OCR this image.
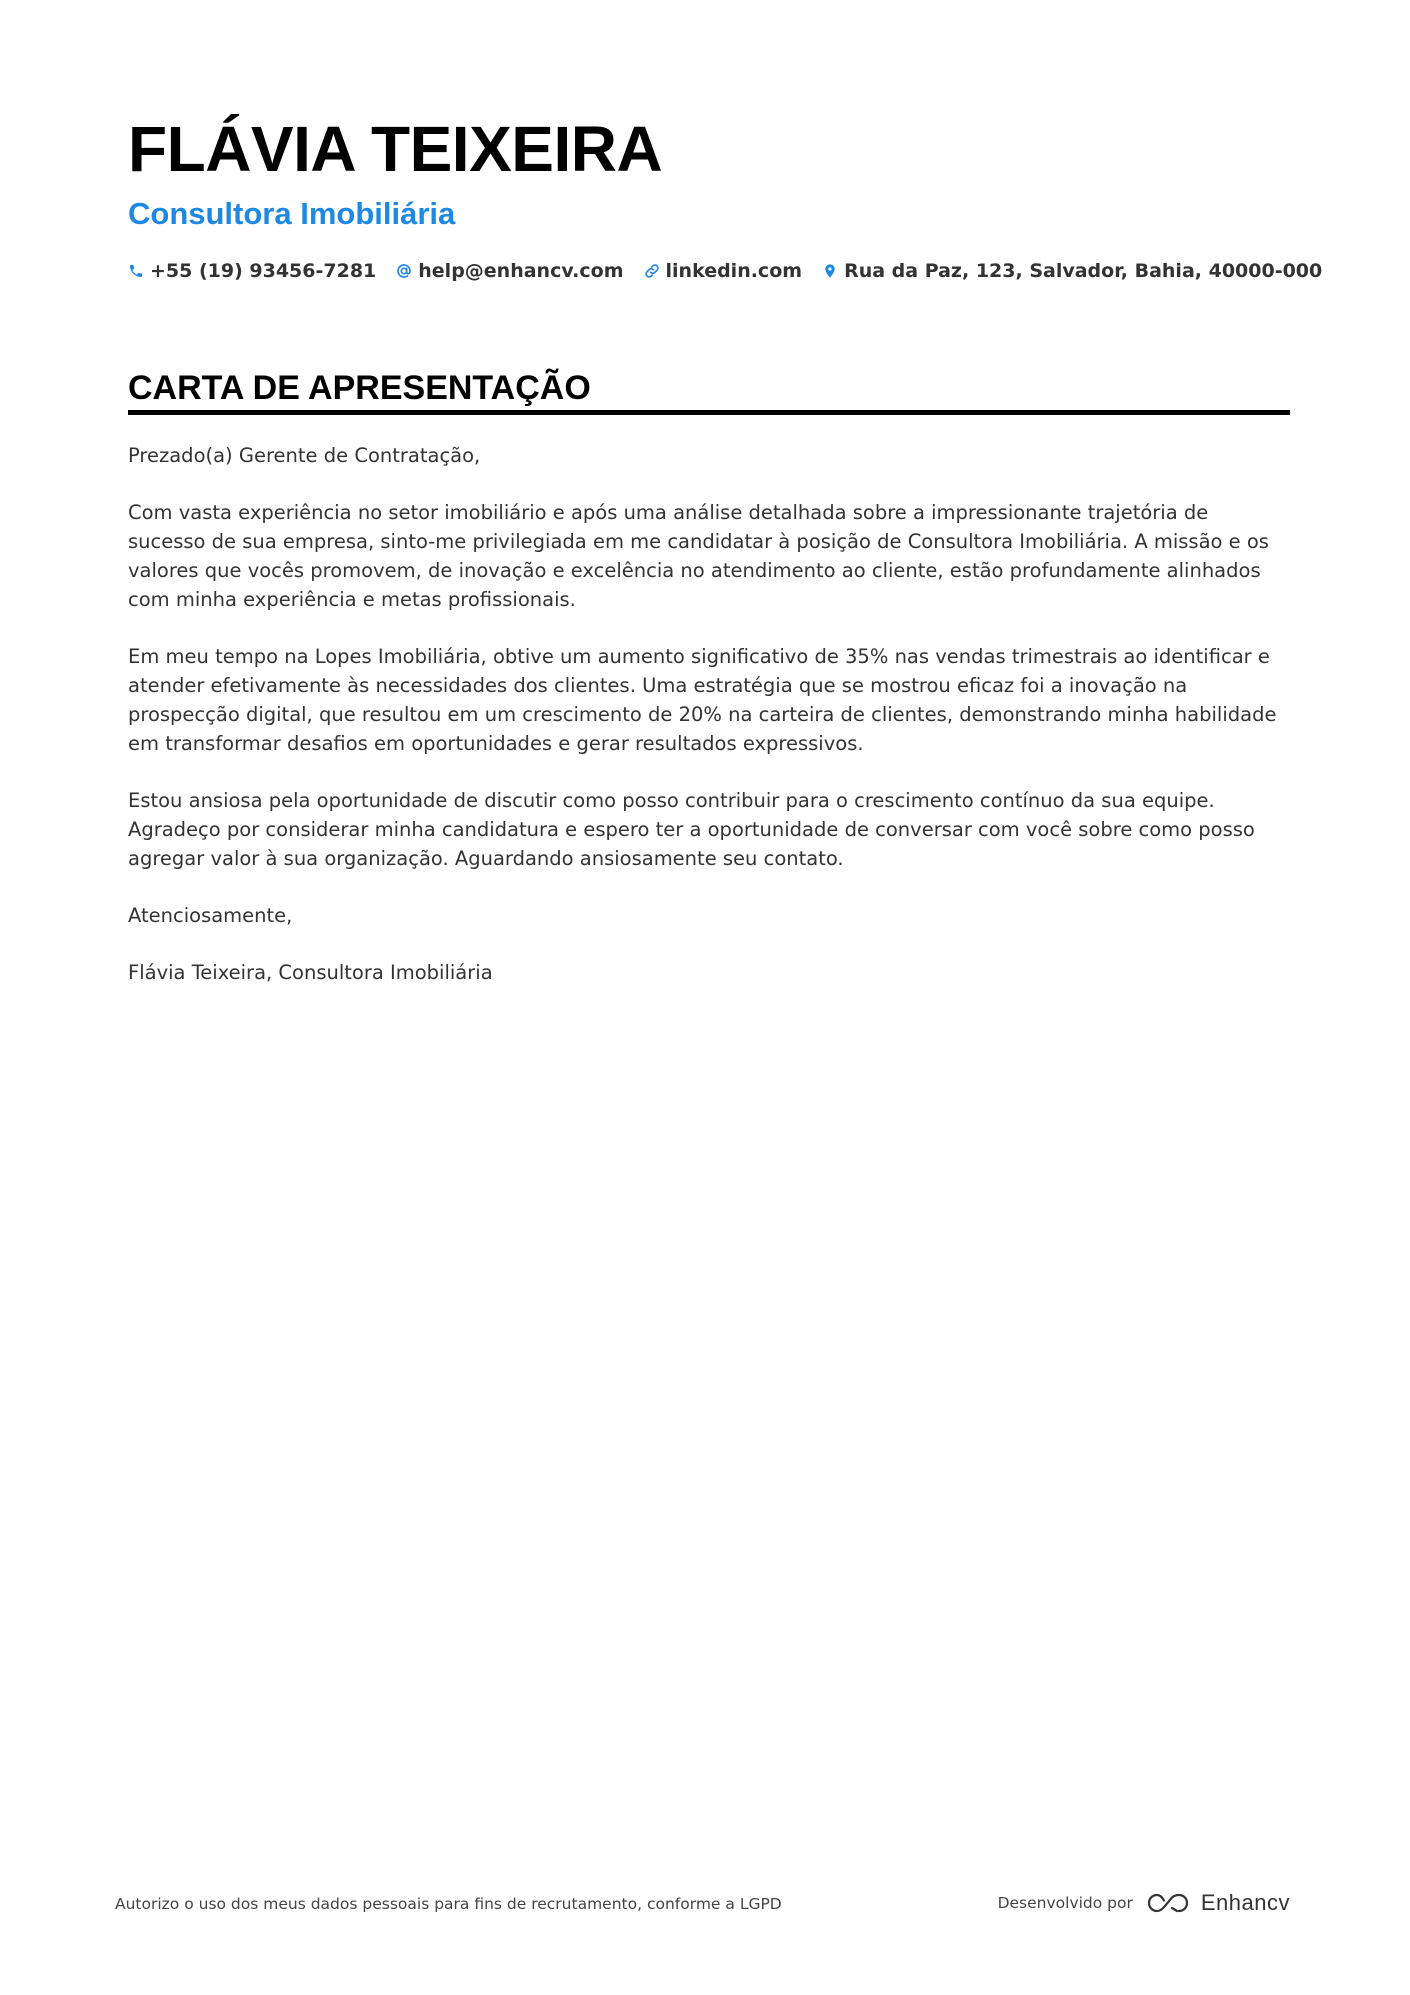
FLÁVIA TEIXEIRA
Consultora Imobiliária
+55 (19) 93456-7281 help@enhancv.com linkedin.com Rua da Paz, 123, Salvador, Bahia, 40000-000
CARTA DE APRESENTAÇÃO

Prezado(a) Gerente de Contratação,

Com vasta experiência no setor imobiliário e após uma análise detalhada sobre a impressionante trajetória de sucesso de sua empresa, sinto-me privilegiada em me candidatar à posição de Consultora Imobiliária. A missão e os valores que vocês promovem, de inovação e excelência no atendimento ao cliente, estão profundamente alinhados com minha experiência e metas profissionais.

Em meu tempo na Lopes Imobiliária, obtive um aumento significativo de 35% nas vendas trimestrais ao identificar e atender efetivamente às necessidades dos clientes. Uma estratégia que se mostrou eficaz foi a inovação na prospecção digital, que resultou em um crescimento de 20% na carteira de clientes, demonstrando minha habilidade em transformar desafios em oportunidades e gerar resultados expressivos.

Estou ansiosa pela oportunidade de discutir como posso contribuir para o crescimento contínuo da sua equipe. Agradeço por considerar minha candidatura e espero ter a oportunidade de conversar com você sobre como posso agregar valor à sua organização. Aguardando ansiosamente seu contato.

Atenciosamente,

Flávia Teixeira, Consultora Imobiliária

Autorizo o uso dos meus dados pessoais para fins de recrutamento, conforme a LGPD	Desenvolvido por	Enhancv
